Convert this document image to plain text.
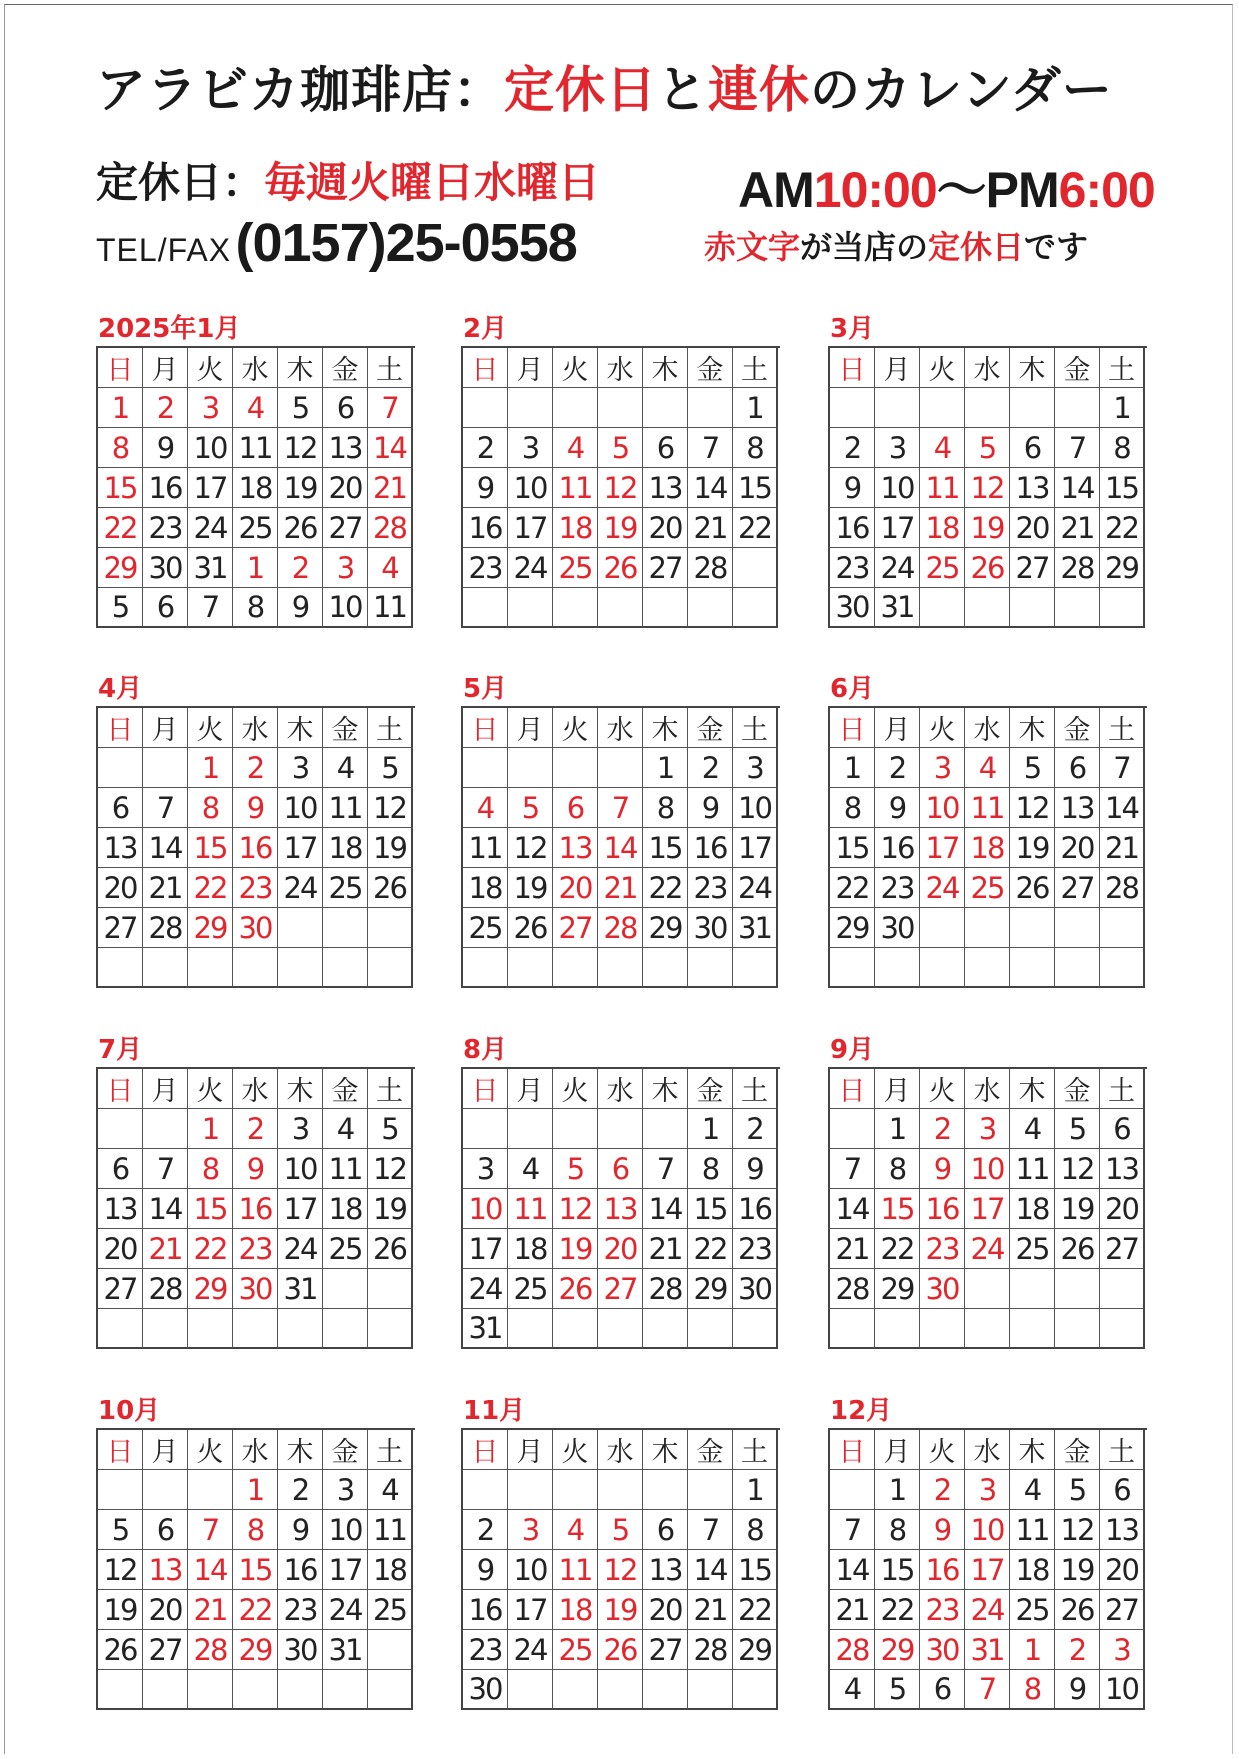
アラビカ珈琲店：定休日と連休のカレンダー
定休日：毎週火曜日水曜日	AM10:00～PM6:00
TEL/FAX (0157)25-0558	赤文字が当店の定休日です
2025年1月
日 月 火 水 木 金 土
1 2 3 4 5 6 7
8 9 10 11 12 13 14
15 16 17 18 19 20 21
22 23 24 25 26 27 28
29 30 31 1 2 3 4
5 6 7 8 9 10 11
2月
日 月 火 水 木 金 土
1
2 3 4 5 6 7 8
9 10 11 12 13 14 15
16 17 18 19 20 21 22
23 24 25 26 27 28
3月
日 月 火 水 木 金 土
1
2 3 4 5 6 7 8
9 10 11 12 13 14 15
16 17 18 19 20 21 22
23 24 25 26 27 28 29
30 31
4月
日 月 火 水 木 金 土
1 2 3 4 5
6 7 8 9 10 11 12
13 14 15 16 17 18 19
20 21 22 23 24 25 26
27 28 29 30
5月
日 月 火 水 木 金 土
1 2 3
4 5 6 7 8 9 10
11 12 13 14 15 16 17
18 19 20 21 22 23 24
25 26 27 28 29 30 31
6月
日 月 火 水 木 金 土
1 2 3 4 5 6 7
8 9 10 11 12 13 14
15 16 17 18 19 20 21
22 23 24 25 26 27 28
29 30
7月
日 月 火 水 木 金 土
1 2 3 4 5
6 7 8 9 10 11 12
13 14 15 16 17 18 19
20 21 22 23 24 25 26
27 28 29 30 31
8月
日 月 火 水 木 金 土
1 2
3 4 5 6 7 8 9
10 11 12 13 14 15 16
17 18 19 20 21 22 23
24 25 26 27 28 29 30
31
9月
日 月 火 水 木 金 土
1 2 3 4 5 6
7 8 9 10 11 12 13
14 15 16 17 18 19 20
21 22 23 24 25 26 27
28 29 30
10月
日 月 火 水 木 金 土
1 2 3 4
5 6 7 8 9 10 11
12 13 14 15 16 17 18
19 20 21 22 23 24 25
26 27 28 29 30 31
11月
日 月 火 水 木 金 土
1
2 3 4 5 6 7 8
9 10 11 12 13 14 15
16 17 18 19 20 21 22
23 24 25 26 27 28 29
30
12月
日 月 火 水 木 金 土
1 2 3 4 5 6
7 8 9 10 11 12 13
14 15 16 17 18 19 20
21 22 23 24 25 26 27
28 29 30 31 1 2 3
4 5 6 7 8 9 10
